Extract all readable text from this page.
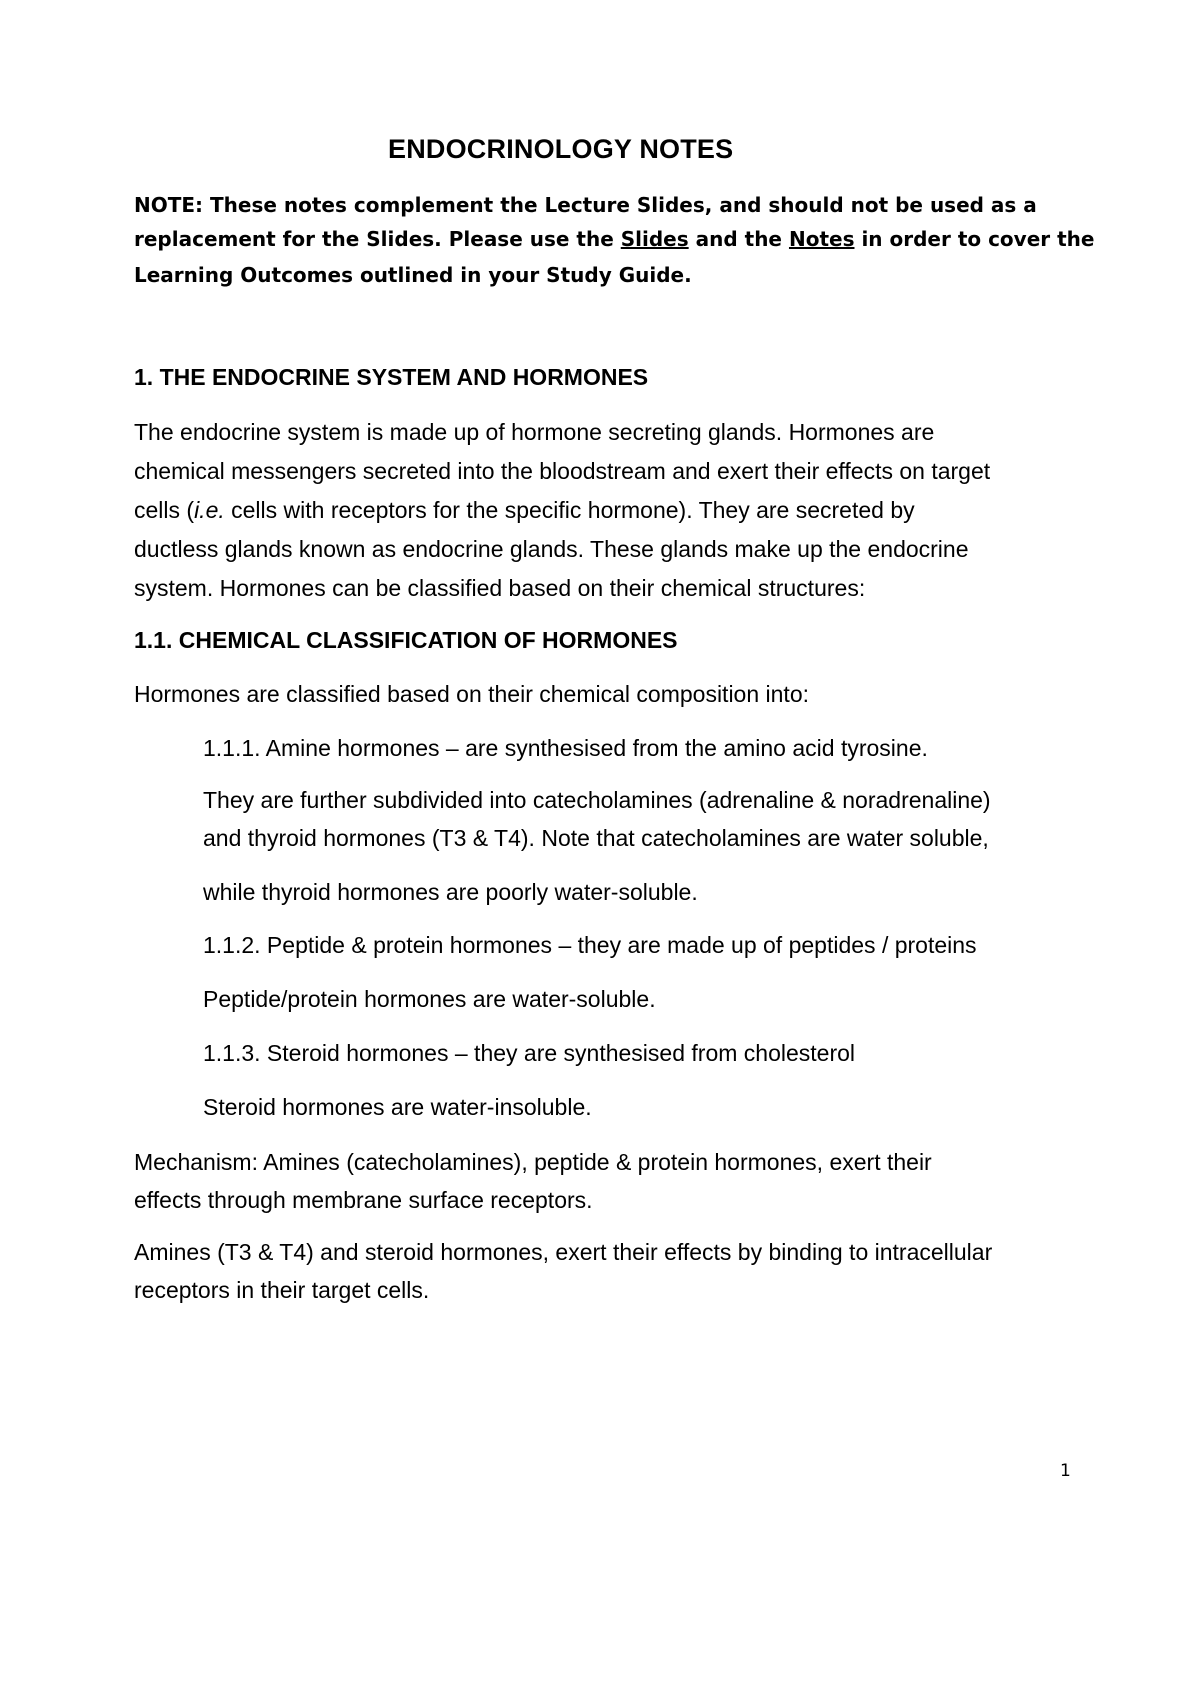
ENDOCRINOLOGY NOTES
NOTE: These notes complement the Lecture Slides, and should not be used as a
replacement for the Slides. Please use the Slides and the Notes in order to cover the
Learning Outcomes outlined in your Study Guide.
1. THE ENDOCRINE SYSTEM AND HORMONES
The endocrine system is made up of hormone secreting glands. Hormones are
chemical messengers secreted into the bloodstream and exert their effects on target
cells (i.e. cells with receptors for the specific hormone). They are secreted by
ductless glands known as endocrine glands. These glands make up the endocrine
system. Hormones can be classified based on their chemical structures:
1.1. CHEMICAL CLASSIFICATION OF HORMONES
Hormones are classified based on their chemical composition into:
1.1.1. Amine hormones – are synthesised from the amino acid tyrosine.
They are further subdivided into catecholamines (adrenaline & noradrenaline)
and thyroid hormones (T3 & T4). Note that catecholamines are water soluble,
while thyroid hormones are poorly water-soluble.
1.1.2. Peptide & protein hormones – they are made up of peptides / proteins
Peptide/protein hormones are water-soluble.
1.1.3. Steroid hormones – they are synthesised from cholesterol
Steroid hormones are water-insoluble.
Mechanism: Amines (catecholamines), peptide & protein hormones, exert their
effects through membrane surface receptors.
Amines (T3 & T4) and steroid hormones, exert their effects by binding to intracellular
receptors in their target cells.
1
